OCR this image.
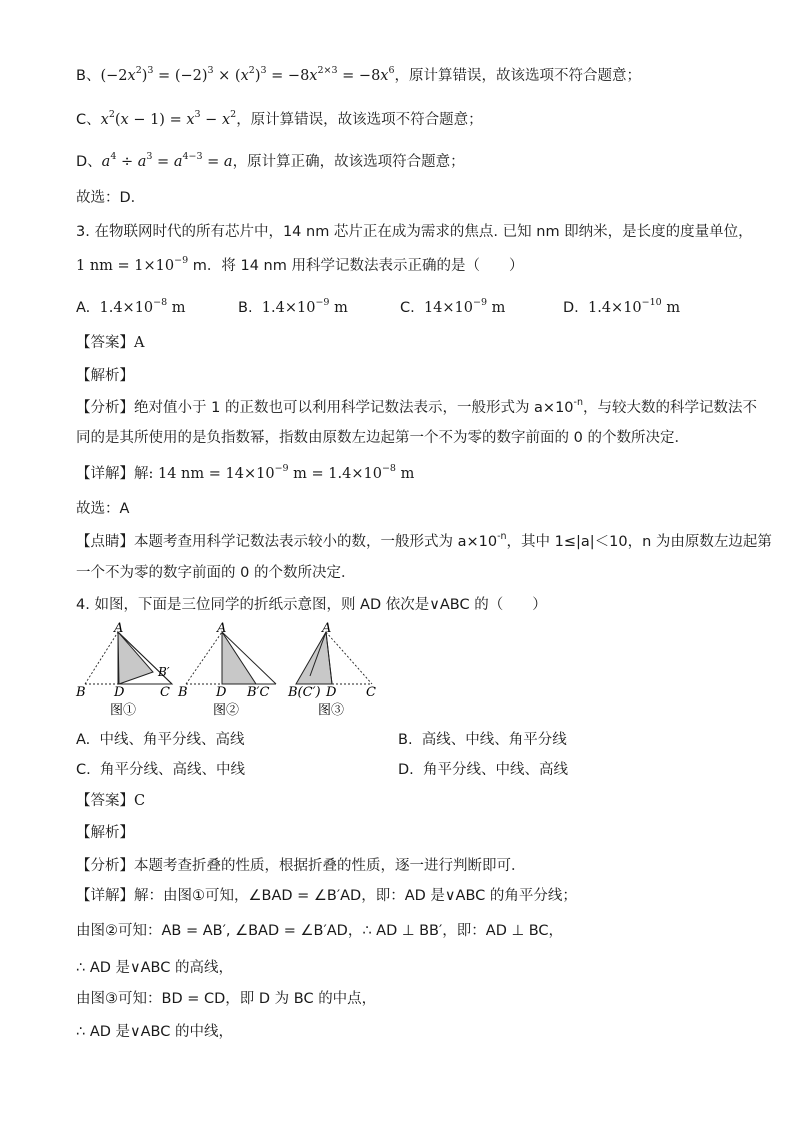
B、$(-2x^2)^3 = (-2)^3 \times (x^2)^3 = -8x^{2\times 3} = -8x^6$，原计算错误，故该选项不符合题意；
C、$x^2(x - 1) = x^3 - x^2$，原计算错误，故该选项不符合题意；
D、$a^4 \div a^3 = a^{4-3} = a$，原计算正确，故该选项符合题意；
故选：D．
3. 在物联网时代的所有芯片中，14 nm 芯片正在成为需求的焦点. 已知 nm 即纳米，是长度的度量单位，
1 nm = $1\times 10^{-9}$ m．将 14 nm 用科学记数法表示正确的是（　　）
A. $1.4\times 10^{-8}$ m	B. $1.4\times 10^{-9}$ m	C. $14\times 10^{-9}$ m	D. $1.4\times 10^{-10}$ m
【答案】A
【解析】
【分析】绝对值小于 1 的正数也可以利用科学记数法表示，一般形式为 $a\times 10^{-n}$，与较大数的科学记数法不
同的是其所使用的是负指数幂，指数由原数左边起第一个不为零的数字前面的 0 的个数所决定．
【详解】解: 14 nm = $14\times 10^{-9}$ $m = 1.4\times 10^{-8}$ m
故选：A
【点睛】本题考查用科学记数法表示较小的数，一般形式为 $a\times 10^{-n}$，其中 1≤|a|＜10，n 为由原数左边起第
一个不为零的数字前面的 0 的个数所决定．
4. 如图，下面是三位同学的折纸示意图，则 AD 依次是∨ABC 的（　　）
A
B′
B D	C
图①
A
B D B′C
图②
A
B(C′) D C
图③
A. 中线、角平分线、高线	B. 高线、中线、角平分线
C. 角平分线、高线、中线	D. 角平分线、中线、高线
【答案】C
【解析】
【分析】本题考查折叠的性质，根据折叠的性质，逐一进行判断即可．
【详解】解：由图①可知，∠BAD = ∠B′AD，即：AD 是∨ABC 的角平分线；
由图②可知：AB = AB′, ∠BAD = ∠B′AD，∴ AD ⊥ BB′，即：AD ⊥ BC，
∴ AD 是∨ABC 的高线，
由图③可知：BD = CD，即 D 为 BC 的中点，
∴ AD 是∨ABC 的中线，
